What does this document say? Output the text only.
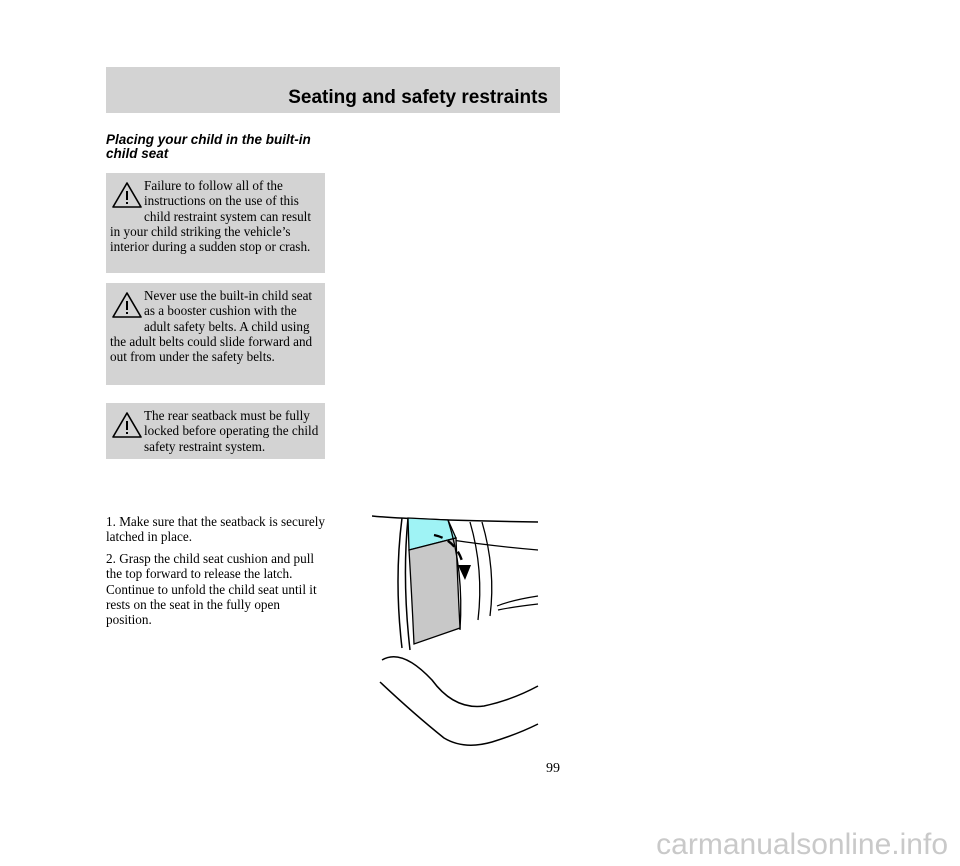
Seating and safety restraints
Placing your child in the built-in child seat

Failure to follow all of the instructions on the use of this child restraint system can result in your child striking the vehicle’s interior during a sudden stop or crash.

Never use the built-in child seat as a booster cushion with the adult safety belts. A child using the adult belts could slide forward and out from under the safety belts.

The rear seatback must be fully locked before operating the child safety restraint system.

1. Make sure that the seatback is securely latched in place.

2. Grasp the child seat cushion and pull the top forward to release the latch. Continue to unfold the child seat until it rests on the seat in the fully open position.

99
carmanualsonline.info
